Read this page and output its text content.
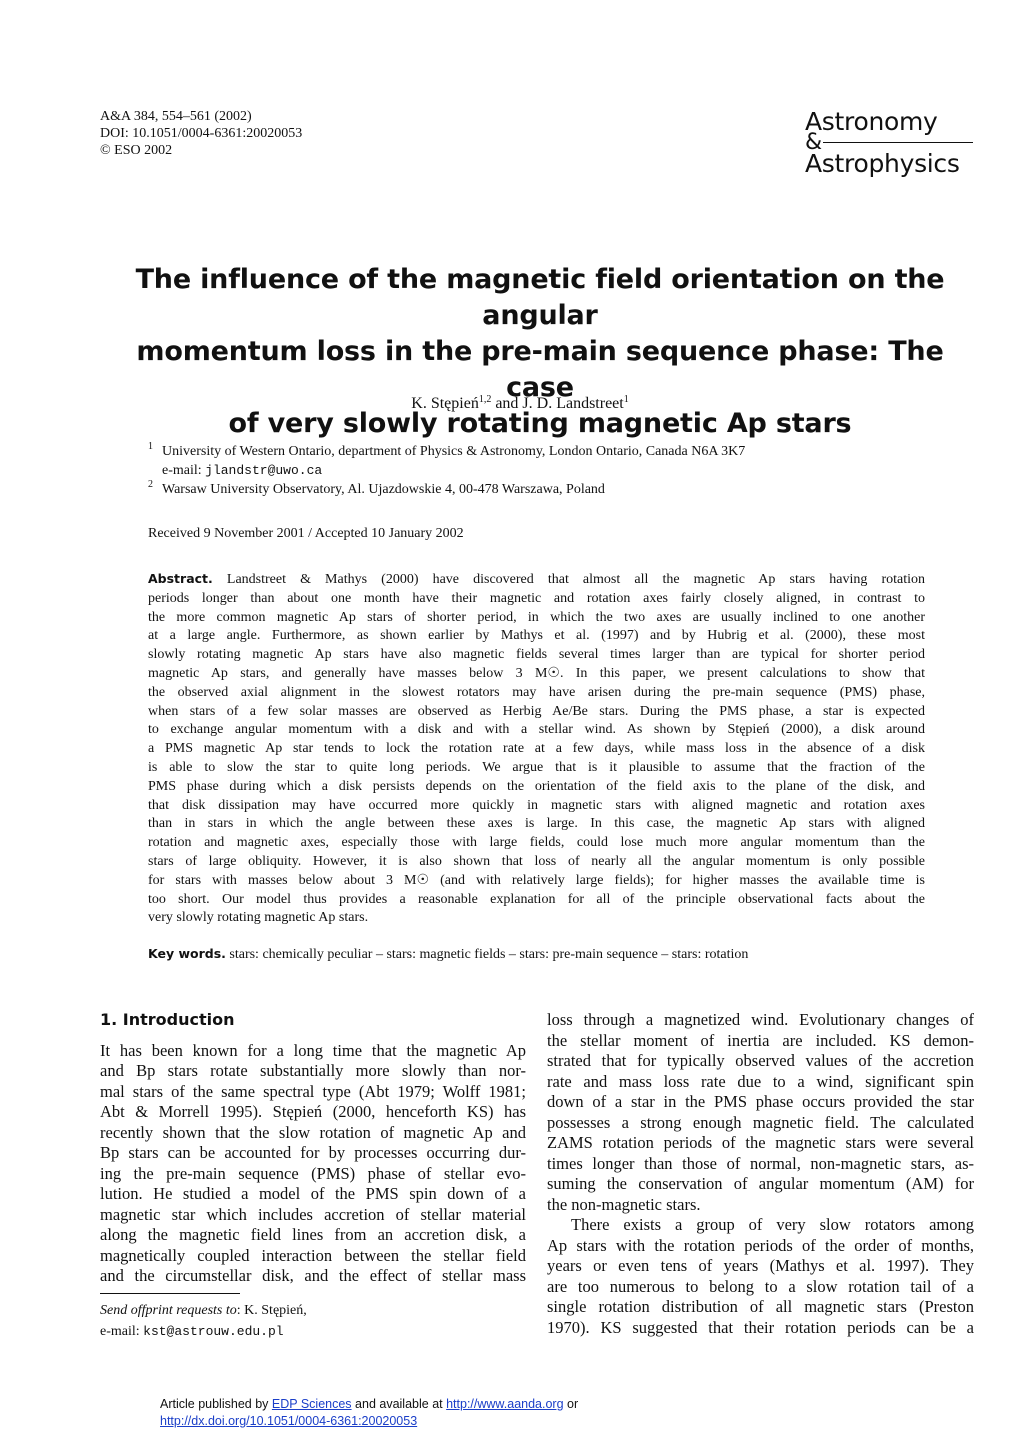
A&A 384, 554–561 (2002)
DOI: 10.1051/0004-6361:20020053
© ESO 2002
Astronomy
&
Astrophysics
The influence of the magnetic field orientation on the angular
momentum loss in the pre-main sequence phase: The case
of very slowly rotating magnetic Ap stars
K. Stępień$^{1,2}$ and J. D. Landstreet$^1$
1 University of Western Ontario, department of Physics & Astronomy, London Ontario, Canada N6A 3K7
e-mail: jlandstr@uwo.ca
2 Warsaw University Observatory, Al. Ujazdowskie 4, 00-478 Warszawa, Poland
Received 9 November 2001 / Accepted 10 January 2002
Abstract. Landstreet & Mathys (2000) have discovered that almost all the magnetic Ap stars having rotation
periods longer than about one month have their magnetic and rotation axes fairly closely aligned, in contrast to
the more common magnetic Ap stars of shorter period, in which the two axes are usually inclined to one another
at a large angle. Furthermore, as shown earlier by Mathys et al. (1997) and by Hubrig et al. (2000), these most
slowly rotating magnetic Ap stars have also magnetic fields several times larger than are typical for shorter period
magnetic Ap stars, and generally have masses below 3 M☉. In this paper, we present calculations to show that
the observed axial alignment in the slowest rotators may have arisen during the pre-main sequence (PMS) phase,
when stars of a few solar masses are observed as Herbig Ae/Be stars. During the PMS phase, a star is expected
to exchange angular momentum with a disk and with a stellar wind. As shown by Stępień (2000), a disk around
a PMS magnetic Ap star tends to lock the rotation rate at a few days, while mass loss in the absence of a disk
is able to slow the star to quite long periods. We argue that is it plausible to assume that the fraction of the
PMS phase during which a disk persists depends on the orientation of the field axis to the plane of the disk, and
that disk dissipation may have occurred more quickly in magnetic stars with aligned magnetic and rotation axes
than in stars in which the angle between these axes is large. In this case, the magnetic Ap stars with aligned
rotation and magnetic axes, especially those with large fields, could lose much more angular momentum than the
stars of large obliquity. However, it is also shown that loss of nearly all the angular momentum is only possible
for stars with masses below about 3 M☉ (and with relatively large fields); for higher masses the available time is
too short. Our model thus provides a reasonable explanation for all of the principle observational facts about the
very slowly rotating magnetic Ap stars.
Key words. stars: chemically peculiar – stars: magnetic fields – stars: pre-main sequence – stars: rotation
1. Introduction
It has been known for a long time that the magnetic Ap
and Bp stars rotate substantially more slowly than nor-
mal stars of the same spectral type (Abt 1979; Wolff 1981;
Abt & Morrell 1995). Stępień (2000, henceforth KS) has
recently shown that the slow rotation of magnetic Ap and
Bp stars can be accounted for by processes occurring dur-
ing the pre-main sequence (PMS) phase of stellar evo-
lution. He studied a model of the PMS spin down of a
magnetic star which includes accretion of stellar material
along the magnetic field lines from an accretion disk, a
magnetically coupled interaction between the stellar field
and the circumstellar disk, and the effect of stellar mass
loss through a magnetized wind. Evolutionary changes of
the stellar moment of inertia are included. KS demon-
strated that for typically observed values of the accretion
rate and mass loss rate due to a wind, significant spin
down of a star in the PMS phase occurs provided the star
possesses a strong enough magnetic field. The calculated
ZAMS rotation periods of the magnetic stars were several
times longer than those of normal, non-magnetic stars, as-
suming the conservation of angular momentum (AM) for
the non-magnetic stars.
There exists a group of very slow rotators among
Ap stars with the rotation periods of the order of months,
years or even tens of years (Mathys et al. 1997). They
are too numerous to belong to a slow rotation tail of a
single rotation distribution of all magnetic stars (Preston
1970). KS suggested that their rotation periods can be a
Send offprint requests to: K. Stępień,
e-mail: kst@astrouw.edu.pl
Article published by EDP Sciences and available at http://www.aanda.org or
http://dx.doi.org/10.1051/0004-6361:20020053
